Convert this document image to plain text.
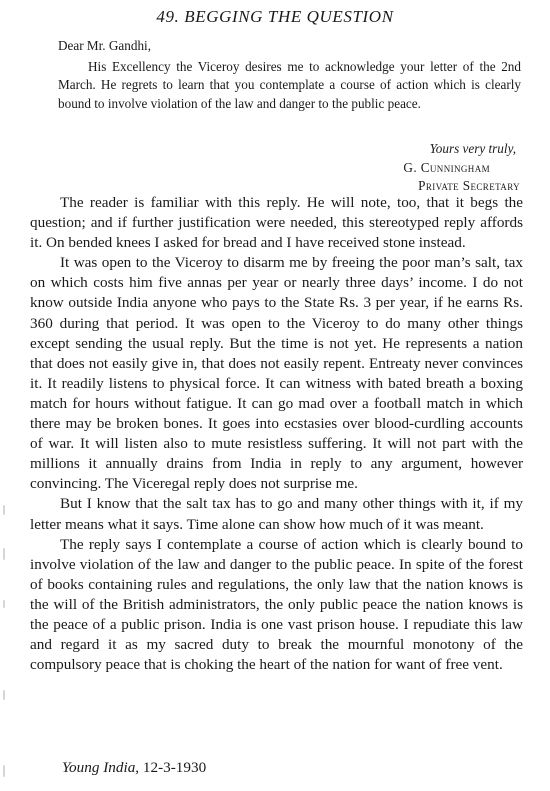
49. BEGGING THE QUESTION

Dear Mr. Gandhi,

His Excellency the Viceroy desires me to acknowledge your letter of the 2nd March. He regrets to learn that you contemplate a course of action which is clearly bound to involve violation of the law and danger to the public peace.

Yours very truly,
G. Cunningham
Private Secretary

The reader is familiar with this reply. He will note, too, that it begs the question; and if further justification were needed, this stereotyped reply affords it. On bended knees I asked for bread and I have received stone instead.

It was open to the Viceroy to disarm me by freeing the poor man’s salt, tax on which costs him five annas per year or nearly three days’ income. I do not know outside India anyone who pays to the State Rs. 3 per year, if he earns Rs. 360 during that period. It was open to the Viceroy to do many other things except sending the usual reply. But the time is not yet. He represents a nation that does not easily give in, that does not easily repent. Entreaty never convinces it. It readily listens to physical force. It can witness with bated breath a boxing match for hours without fatigue. It can go mad over a football match in which there may be broken bones. It goes into ecstasies over blood-curdling accounts of war. It will listen also to mute resistless suffering. It will not part with the millions it annually drains from India in reply to any argument, however convincing. The Viceregal reply does not surprise me.

But I know that the salt tax has to go and many other things with it, if my letter means what it says. Time alone can show how much of it was meant.

The reply says I contemplate a course of action which is clearly bound to involve violation of the law and danger to the public peace. In spite of the forest of books containing rules and regulations, the only law that the nation knows is the will of the British administrators, the only public peace the nation knows is the peace of a public prison. India is one vast prison house. I repudiate this law and regard it as my sacred duty to break the mournful monotony of the compulsory peace that is choking the heart of the nation for want of free vent.

Young India, 12-3-1930
